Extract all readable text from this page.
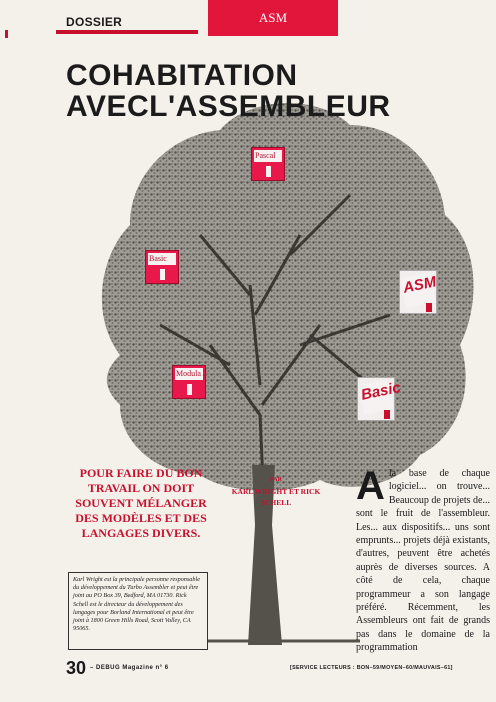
DOSSIER	ASM
COHABITATION
AVECL'ASSEMBLEUR
Pascal
Basic
Modula 2
ASM
Basic
POUR FAIRE DU BON TRAVAIL ON DOIT SOUVENT MÉLANGER DES MODÈLES ET DES LANGAGES DIVERS.
PAR
KARL WRIGHT ET RICK SCHELL
Karl Wright est la principale personne responsable du développement du Turbo Assembler et peut être joint au PO Box 39, Bedford, MA 01730. Rick Schell est le directeur du développement des langages pour Borland International et peut être joint à 1800 Green Hills Road, Scott Valley, CA 95065.
A la base de chaque logiciel... on trouve... Beaucoup de projets de... sont le fruit de l'assembleur. Les... aux dispositifs... uns sont emprunts... projets déjà existants, d'autres, peuvent être achetés auprès de diverses sources. A côté de cela, chaque programmeur a son langage préféré. Récemment, les Assembleurs ont fait de grands pas dans le domaine de la programmation
30 – DEBUG Magazine n° 6	[SERVICE LECTEURS : BON–59/MOYEN–60/MAUVAIS–61]
